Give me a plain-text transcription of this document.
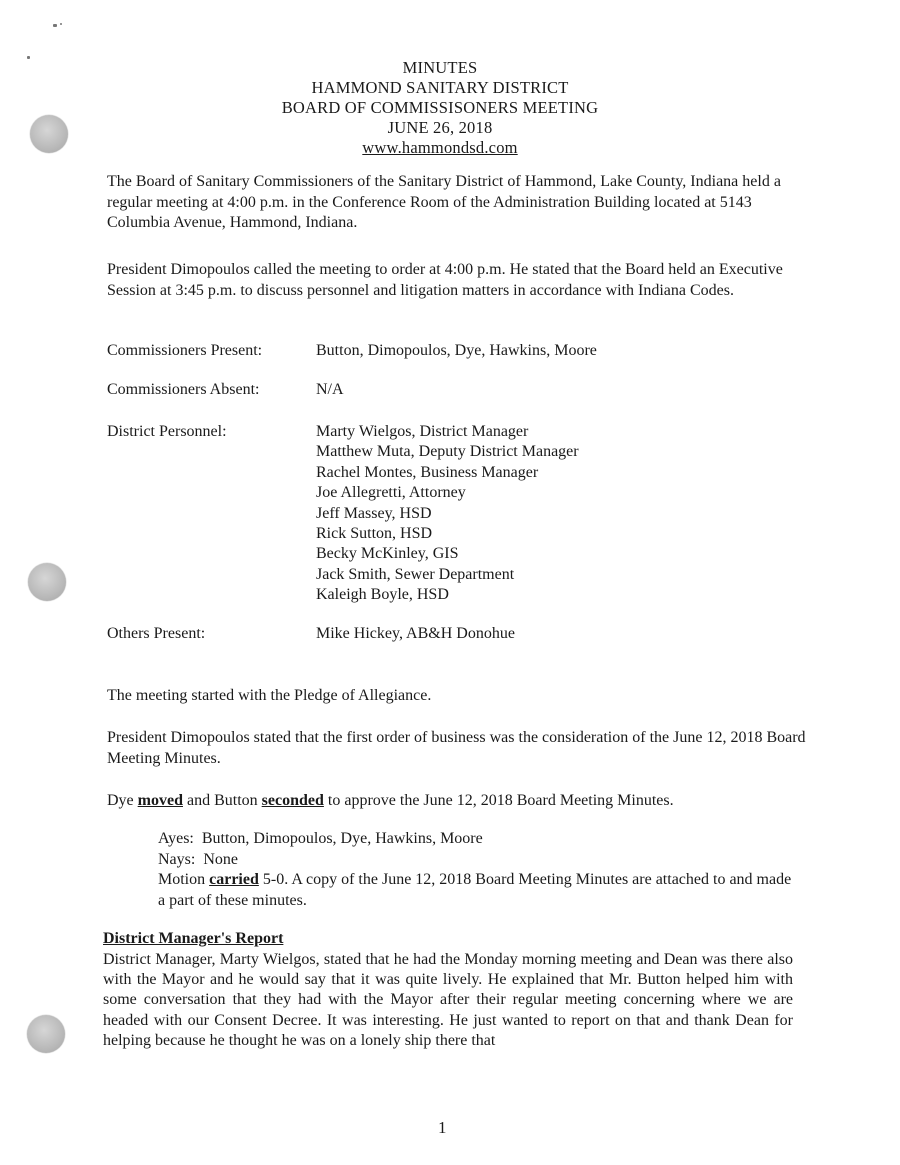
MINUTES
HAMMOND SANITARY DISTRICT
BOARD OF COMMISSISONERS MEETING
JUNE 26, 2018
www.hammondsd.com
The Board of Sanitary Commissioners of the Sanitary District of Hammond, Lake County, Indiana held a regular meeting at 4:00 p.m. in the Conference Room of the Administration Building located at 5143 Columbia Avenue, Hammond, Indiana.
President Dimopoulos called the meeting to order at 4:00 p.m. He stated that the Board held an Executive Session at 3:45 p.m. to discuss personnel and litigation matters in accordance with Indiana Codes.
Commissioners Present:	Button, Dimopoulos, Dye, Hawkins, Moore
Commissioners Absent:	N/A
District Personnel:	Marty Wielgos, District Manager
Matthew Muta, Deputy District Manager
Rachel Montes, Business Manager
Joe Allegretti, Attorney
Jeff Massey, HSD
Rick Sutton, HSD
Becky McKinley, GIS
Jack Smith, Sewer Department
Kaleigh Boyle, HSD
Others Present:	Mike Hickey, AB&H Donohue
The meeting started with the Pledge of Allegiance.
President Dimopoulos stated that the first order of business was the consideration of the June 12, 2018 Board Meeting Minutes.
Dye moved and Button seconded to approve the June 12, 2018 Board Meeting Minutes.
Ayes:  Button, Dimopoulos, Dye, Hawkins, Moore
Nays:  None
Motion carried 5-0. A copy of the June 12, 2018 Board Meeting Minutes are attached to and made a part of these minutes.
District Manager's Report
District Manager, Marty Wielgos, stated that he had the Monday morning meeting and Dean was there also with the Mayor and he would say that it was quite lively. He explained that Mr. Button helped him with some conversation that they had with the Mayor after their regular meeting concerning where we are headed with our Consent Decree. It was interesting. He just wanted to report on that and thank Dean for helping because he thought he was on a lonely ship there that
1
